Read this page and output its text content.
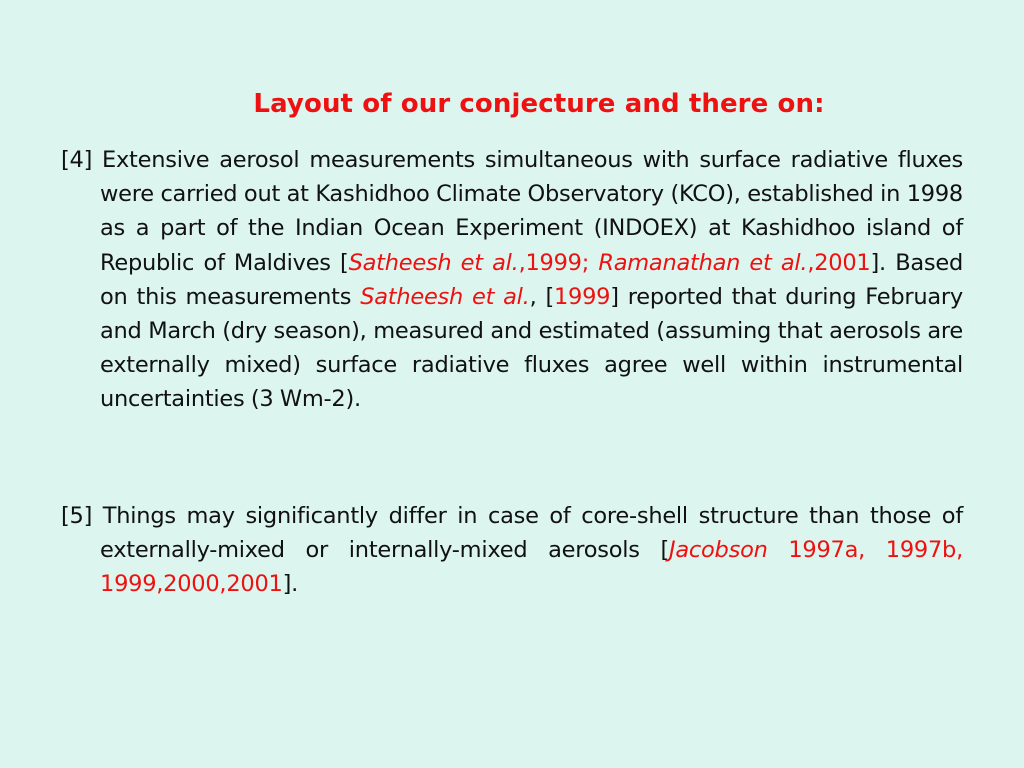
Layout of our conjecture and there on:

[4] Extensive aerosol measurements simultaneous with surface radiative fluxes were carried out at Kashidhoo Climate Observatory (KCO), established in 1998 as a part of the Indian Ocean Experiment (INDOEX) at Kashidhoo island of Republic of Maldives [Satheesh et al.,1999; Ramanathan et al.,2001]. Based on this measurements Satheesh et al., [1999] reported that during February and March (dry season), measured and estimated (assuming that aerosols are externally mixed) surface radiative fluxes agree well within instrumental uncertainties (3 Wm-2).

[5] Things may significantly differ in case of core-shell structure than those of externally-mixed or internally-mixed aerosols [Jacobson 1997a, 1997b, 1999,2000,2001].
